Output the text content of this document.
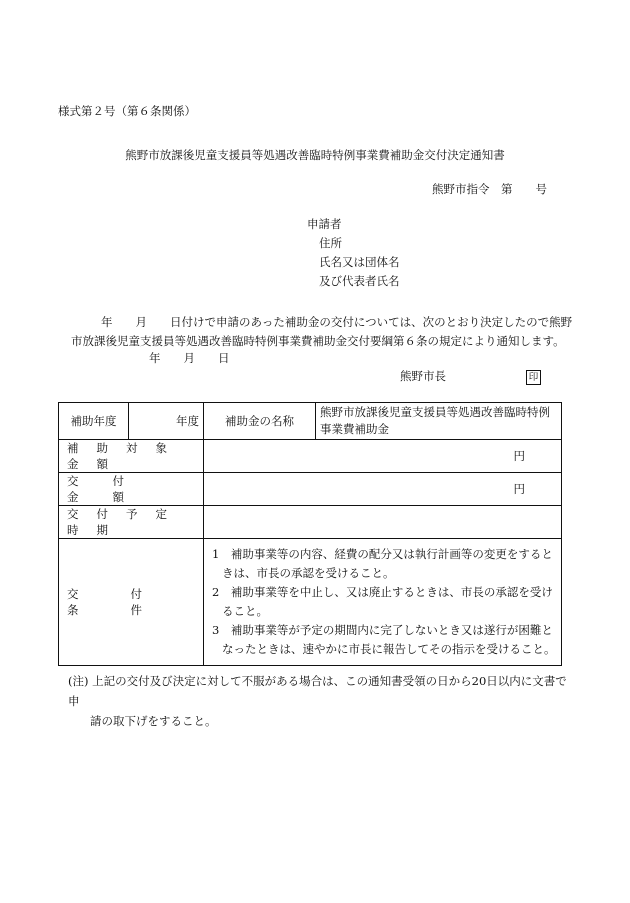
様式第２号（第６条関係）
熊野市放課後児童支援員等処遇改善臨時特例事業費補助金交付決定通知書
熊野市指令　第　　号
申請者
住所
氏名又は団体名
及び代表者氏名
年　　月　　日付けで申請のあった補助金の交付については、次のとおり決定したので熊野
市放課後児童支援員等処遇改善臨時特例事業費補助金交付要綱第６条の規定により通知します。
年　　月　　日
熊野市長	印
補助年度	年度	補助金の名称	熊野市放課後児童支援員等処遇改善臨時特例事業費補助金
補助対象金額		円	
交付金額		円	
交付予定時期			
交付条件		1　補助事業等の内容、経費の配分又は執行計画等の変更をするときは、市長の承認を受けること。
2　補助事業等を中止し、又は廃止するときは、市長の承認を受けること。
3　補助事業等が予定の期間内に完了しないとき又は遂行が困難となったときは、速やかに市長に報告してその指示を受けること。	
(注) 上記の交付及び決定に対して不服がある場合は、この通知書受領の日から20日以内に文書で申
請の取下げをすること。
